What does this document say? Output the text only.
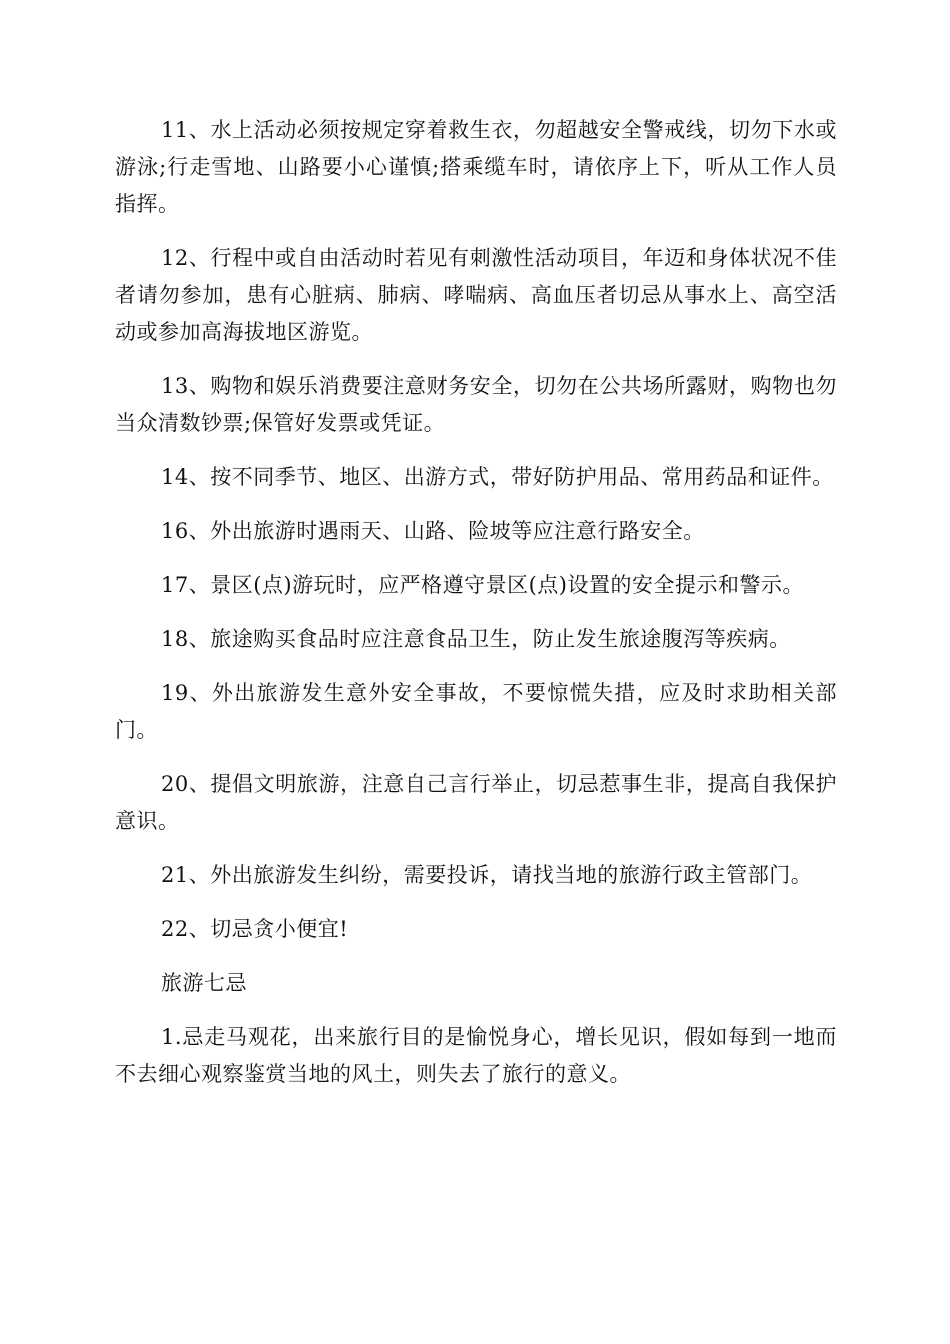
11、水上活动必须按规定穿着救生衣，勿超越安全警戒线，切勿下水或游泳;行走雪地、山路要小心谨慎;搭乘缆车时，请依序上下，听从工作人员指挥。

12、行程中或自由活动时若见有刺激性活动项目，年迈和身体状况不佳者请勿参加，患有心脏病、肺病、哮喘病、高血压者切忌从事水上、高空活动或参加高海拔地区游览。

13、购物和娱乐消费要注意财务安全，切勿在公共场所露财，购物也勿当众清数钞票;保管好发票或凭证。

14、按不同季节、地区、出游方式，带好防护用品、常用药品和证件。

16、外出旅游时遇雨天、山路、险坡等应注意行路安全。

17、景区(点)游玩时，应严格遵守景区(点)设置的安全提示和警示。

18、旅途购买食品时应注意食品卫生，防止发生旅途腹泻等疾病。

19、外出旅游发生意外安全事故，不要惊慌失措，应及时求助相关部门。

20、提倡文明旅游，注意自己言行举止，切忌惹事生非，提高自我保护意识。

21、外出旅游发生纠纷，需要投诉，请找当地的旅游行政主管部门。

22、切忌贪小便宜!

旅游七忌

1.忌走马观花，出来旅行目的是愉悦身心，增长见识，假如每到一地而不去细心观察鉴赏当地的风土，则失去了旅行的意义。
